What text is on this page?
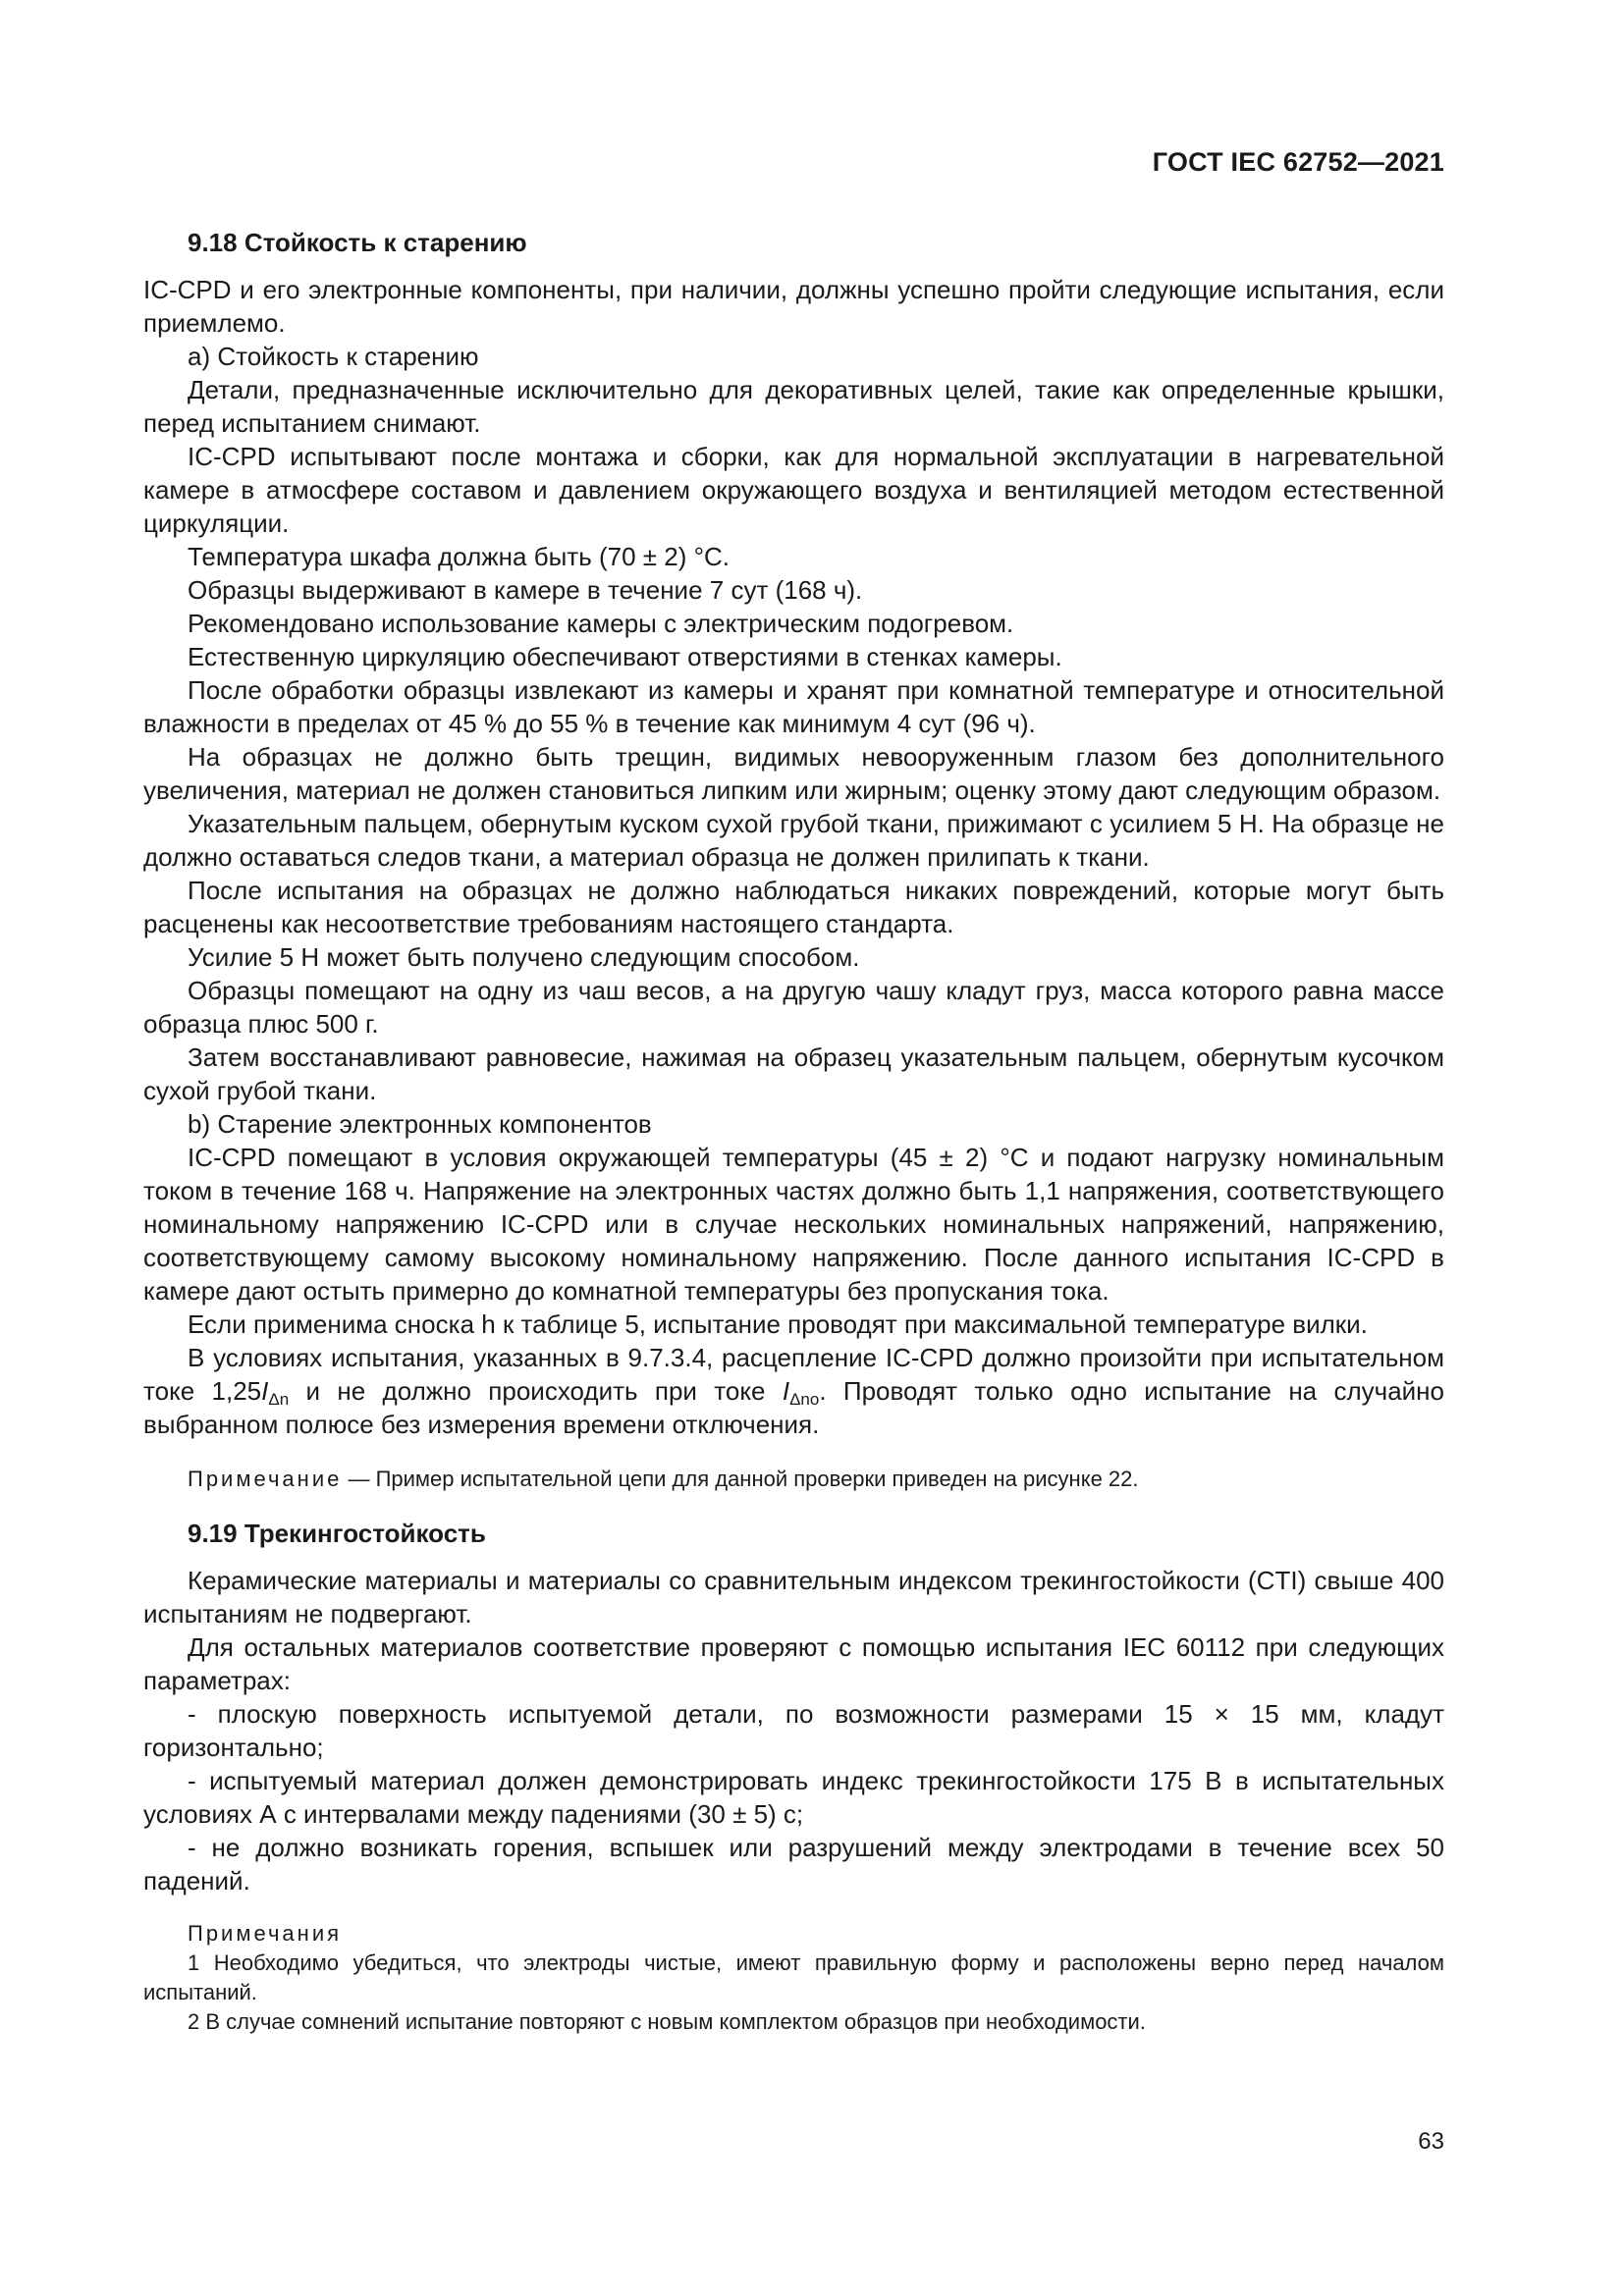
ГОСТ IEC 62752—2021
9.18 Стойкость к старению

IC-CPD и его электронные компоненты, при наличии, должны успешно пройти следующие испытания, если приемлемо.

a) Стойкость к старению

Детали, предназначенные исключительно для декоративных целей, такие как определенные крышки, перед испытанием снимают.

IC-CPD испытывают после монтажа и сборки, как для нормальной эксплуатации в нагревательной камере в атмосфере составом и давлением окружающего воздуха и вентиляцией методом естественной циркуляции.

Температура шкафа должна быть (70 ± 2) °С.

Образцы выдерживают в камере в течение 7 сут (168 ч).

Рекомендовано использование камеры с электрическим подогревом.

Естественную циркуляцию обеспечивают отверстиями в стенках камеры.

После обработки образцы извлекают из камеры и хранят при комнатной температуре и относительной влажности в пределах от 45 % до 55 % в течение как минимум 4 сут (96 ч).

На образцах не должно быть трещин, видимых невооруженным глазом без дополнительного увеличения, материал не должен становиться липким или жирным; оценку этому дают следующим образом.

Указательным пальцем, обернутым куском сухой грубой ткани, прижимают с усилием 5 Н. На образце не должно оставаться следов ткани, а материал образца не должен прилипать к ткани.

После испытания на образцах не должно наблюдаться никаких повреждений, которые могут быть расценены как несоответствие требованиям настоящего стандарта.

Усилие 5 Н может быть получено следующим способом.

Образцы помещают на одну из чаш весов, а на другую чашу кладут груз, масса которого равна массе образца плюс 500 г.

Затем восстанавливают равновесие, нажимая на образец указательным пальцем, обернутым кусочком сухой грубой ткани.

b) Старение электронных компонентов

IC-CPD помещают в условия окружающей температуры (45 ± 2) °С и подают нагрузку номинальным током в течение 168 ч. Напряжение на электронных частях должно быть 1,1 напряжения, соответствующего номинальному напряжению IC-CPD или в случае нескольких номинальных напряжений, напряжению, соответствующему самому высокому номинальному напряжению. После данного испытания IC-CPD в камере дают остыть примерно до комнатной температуры без пропускания тока.

Если применима сноска h к таблице 5, испытание проводят при максимальной температуре вилки.

В условиях испытания, указанных в 9.7.3.4, расцепление IC-CPD должно произойти при испытательном токе $1,25I_{\Delta n}$ и не должно происходить при токе $I_{\Delta no}$. Проводят только одно испытание на случайно выбранном полюсе без измерения времени отключения.

Примечание — Пример испытательной цепи для данной проверки приведен на рисунке 22.
9.19 Трекингостойкость

Керамические материалы и материалы со сравнительным индексом трекингостойкости (CTI) свыше 400 испытаниям не подвергают.

Для остальных материалов соответствие проверяют с помощью испытания IEC 60112 при следующих параметрах:

- плоскую поверхность испытуемой детали, по возможности размерами 15 × 15 мм, кладут горизонтально;

- испытуемый материал должен демонстрировать индекс трекингостойкости 175 В в испытательных условиях А с интервалами между падениями (30 ± 5) с;

- не должно возникать горения, вспышек или разрушений между электродами в течение всех 50 падений.

Примечания
1 Необходимо убедиться, что электроды чистые, имеют правильную форму и расположены верно перед началом испытаний.
2 В случае сомнений испытание повторяют с новым комплектом образцов при необходимости.
63
